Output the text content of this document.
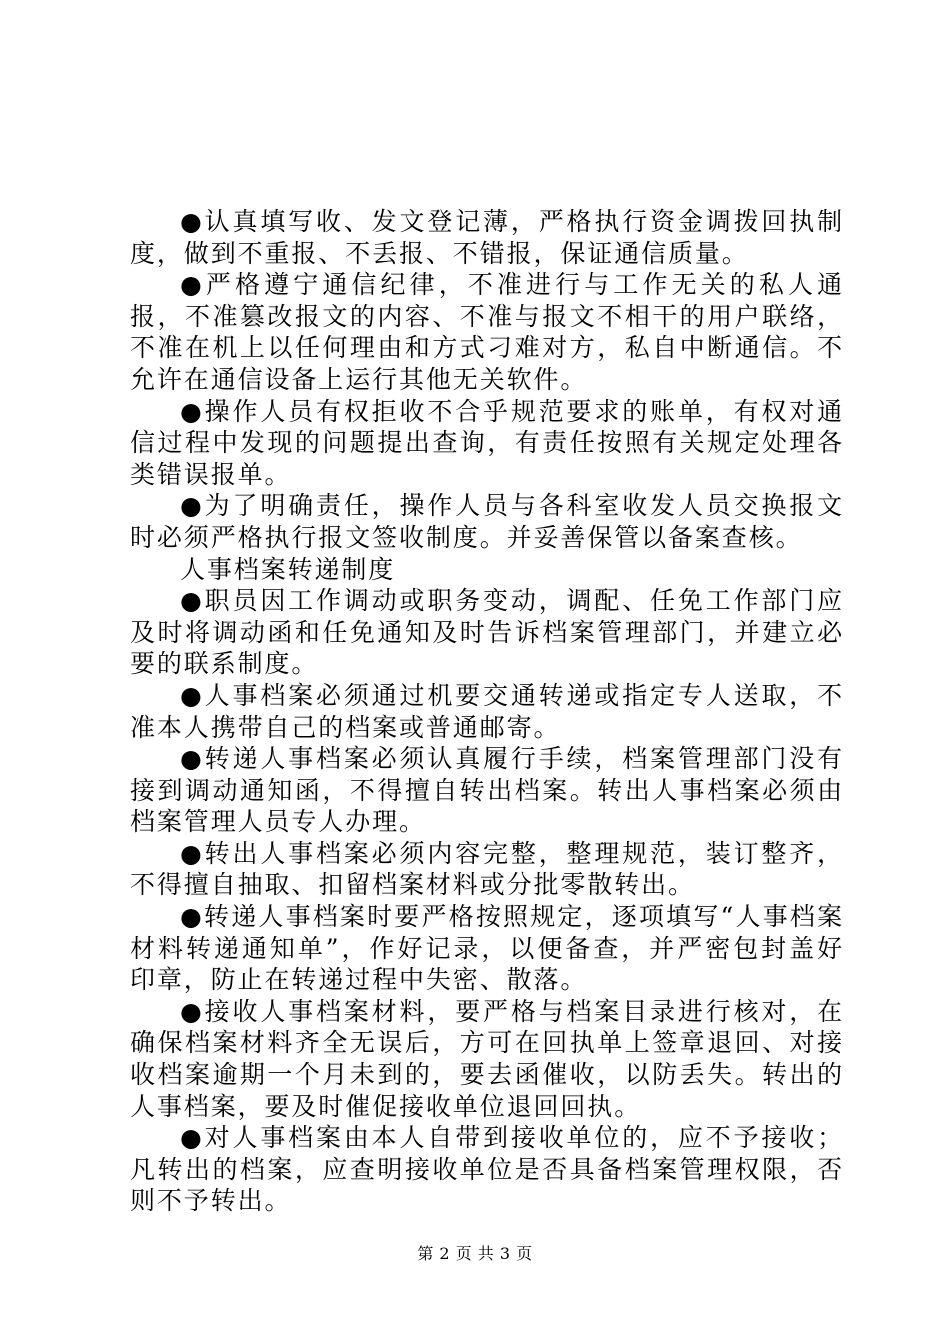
●认真填写收、发文登记薄，严格执行资金调拨回执制度，做到不重报、不丢报、不错报，保证通信质量。

●严格遵宁通信纪律，不准进行与工作无关的私人通报，不准篡改报文的内容、不准与报文不相干的用户联络，不准在机上以任何理由和方式刁难对方，私自中断通信。不允许在通信设备上运行其他无关软件。

●操作人员有权拒收不合乎规范要求的账单，有权对通信过程中发现的问题提出查询，有责任按照有关规定处理各类错误报单。

●为了明确责任，操作人员与各科室收发人员交换报文时必须严格执行报文签收制度。并妥善保管以备案查核。

人事档案转递制度

●职员因工作调动或职务变动，调配、任免工作部门应及时将调动函和任免通知及时告诉档案管理部门，并建立必要的联系制度。

●人事档案必须通过机要交通转递或指定专人送取，不准本人携带自己的档案或普通邮寄。

●转递人事档案必须认真履行手续，档案管理部门没有接到调动通知函，不得擅自转出档案。转出人事档案必须由档案管理人员专人办理。

●转出人事档案必须内容完整，整理规范，装订整齐，不得擅自抽取、扣留档案材料或分批零散转出。

●转递人事档案时要严格按照规定，逐项填写“人事档案材料转递通知单”，作好记录，以便备查，并严密包封盖好印章，防止在转递过程中失密、散落。

●接收人事档案材料，要严格与档案目录进行核对，在确保档案材料齐全无误后，方可在回执单上签章退回、对接收档案逾期一个月未到的，要去函催收，以防丢失。转出的人事档案，要及时催促接收单位退回回执。

●对人事档案由本人自带到接收单位的，应不予接收；凡转出的档案，应查明接收单位是否具备档案管理权限，否则不予转出。

第 2 页 共 3 页
